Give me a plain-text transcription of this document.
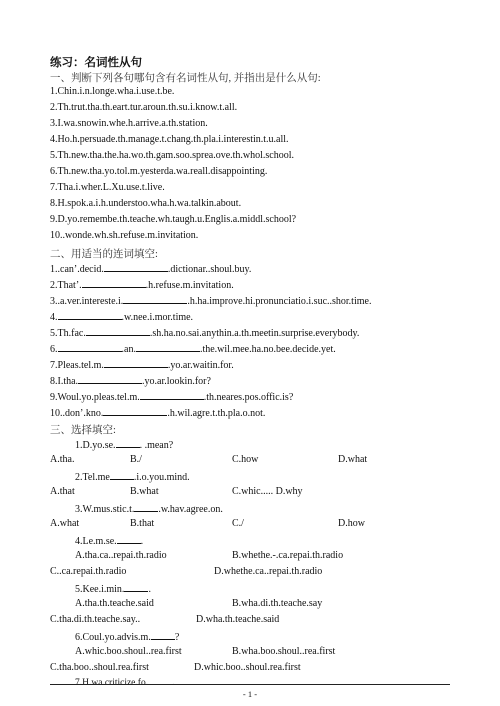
练习：名词性从句
一、判断下列各句哪句含有名词性从句, 并指出是什么从句:
1.Chin.i.n.longe.wha.i.use.t.be.
2.Th.trut.tha.th.eart.tur.aroun.th.su.i.know.t.all.
3.I.wa.snowin.whe.h.arrive.a.th.station.
4.Ho.h.persuade.th.manage.t.chang.th.pla.i.interestin.t.u.all.
5.Th.new.tha.the.ha.wo.th.gam.soo.sprea.ove.th.whol.school.
6.Th.new.tha.yo.tol.m.yesterda.wa.reall.disappointing.
7.Tha.i.wher.L.Xu.use.t.live.
8.H.spok.a.i.h.understoo.wha.h.wa.talkin.about.
9.D.yo.remembe.th.teache.wh.taugh.u.Englis.a.middl.school?
10..wonde.wh.sh.refuse.m.invitation.
二、用适当的连词填空:
1..can’.decid.	.dictionar..shoul.buy.
2.That’.	.h.refuse.m.invitation.
3..a.ver.intereste.i.	.h.ha.improve.hi.pronunciatio.i.suc..shor.time.
4.	.w.nee.i.mor.time.
5.Th.fac.	.sh.ha.no.sai.anythin.a.th.meetin.surprise.everybody.
6.	.an.	.the.wil.mee.ha.no.bee.decide.yet.
7.Pleas.tel.m.	.yo.ar.waitin.for.
8.I.tha.	.yo.ar.lookin.for?
9.Woul.yo.pleas.tel.m.	.th.neares.pos.offic.is?
10..don’.kno.	.h.wil.agre.t.th.pla.o.not.
三、选择填空:
1.D.yo.se. . .mean?
A.tha.	B./	C.how	D.what
2.Tel.me .i.o.you.mind.
A.that	B.what	C.whic..... D.why
3.W.mus.stic.t. .w.hav.agree.on.
A.what	B.that	C./	D.how
4.Le.m.se. .
A.tha.ca..repai.th.radio	B.whethe.-.ca.repai.th.radio
C..ca.repai.th.radio	D.whethe.ca..repai.th.radio
5.Kee.i.min. .
A.tha.th.teache.said	B.wha.di.th.teache.say
C.tha.di.th.teache.say..	D.wha.th.teache.said
6.Coul.yo.advis.m. ?
A.whic.boo.shoul..rea.first	B.wha.boo.shoul..rea.first
C.tha.boo..shoul.rea.first	D.whic.boo..shoul.rea.first
7.H.wa.criticize.fo.	.
- 1 -
